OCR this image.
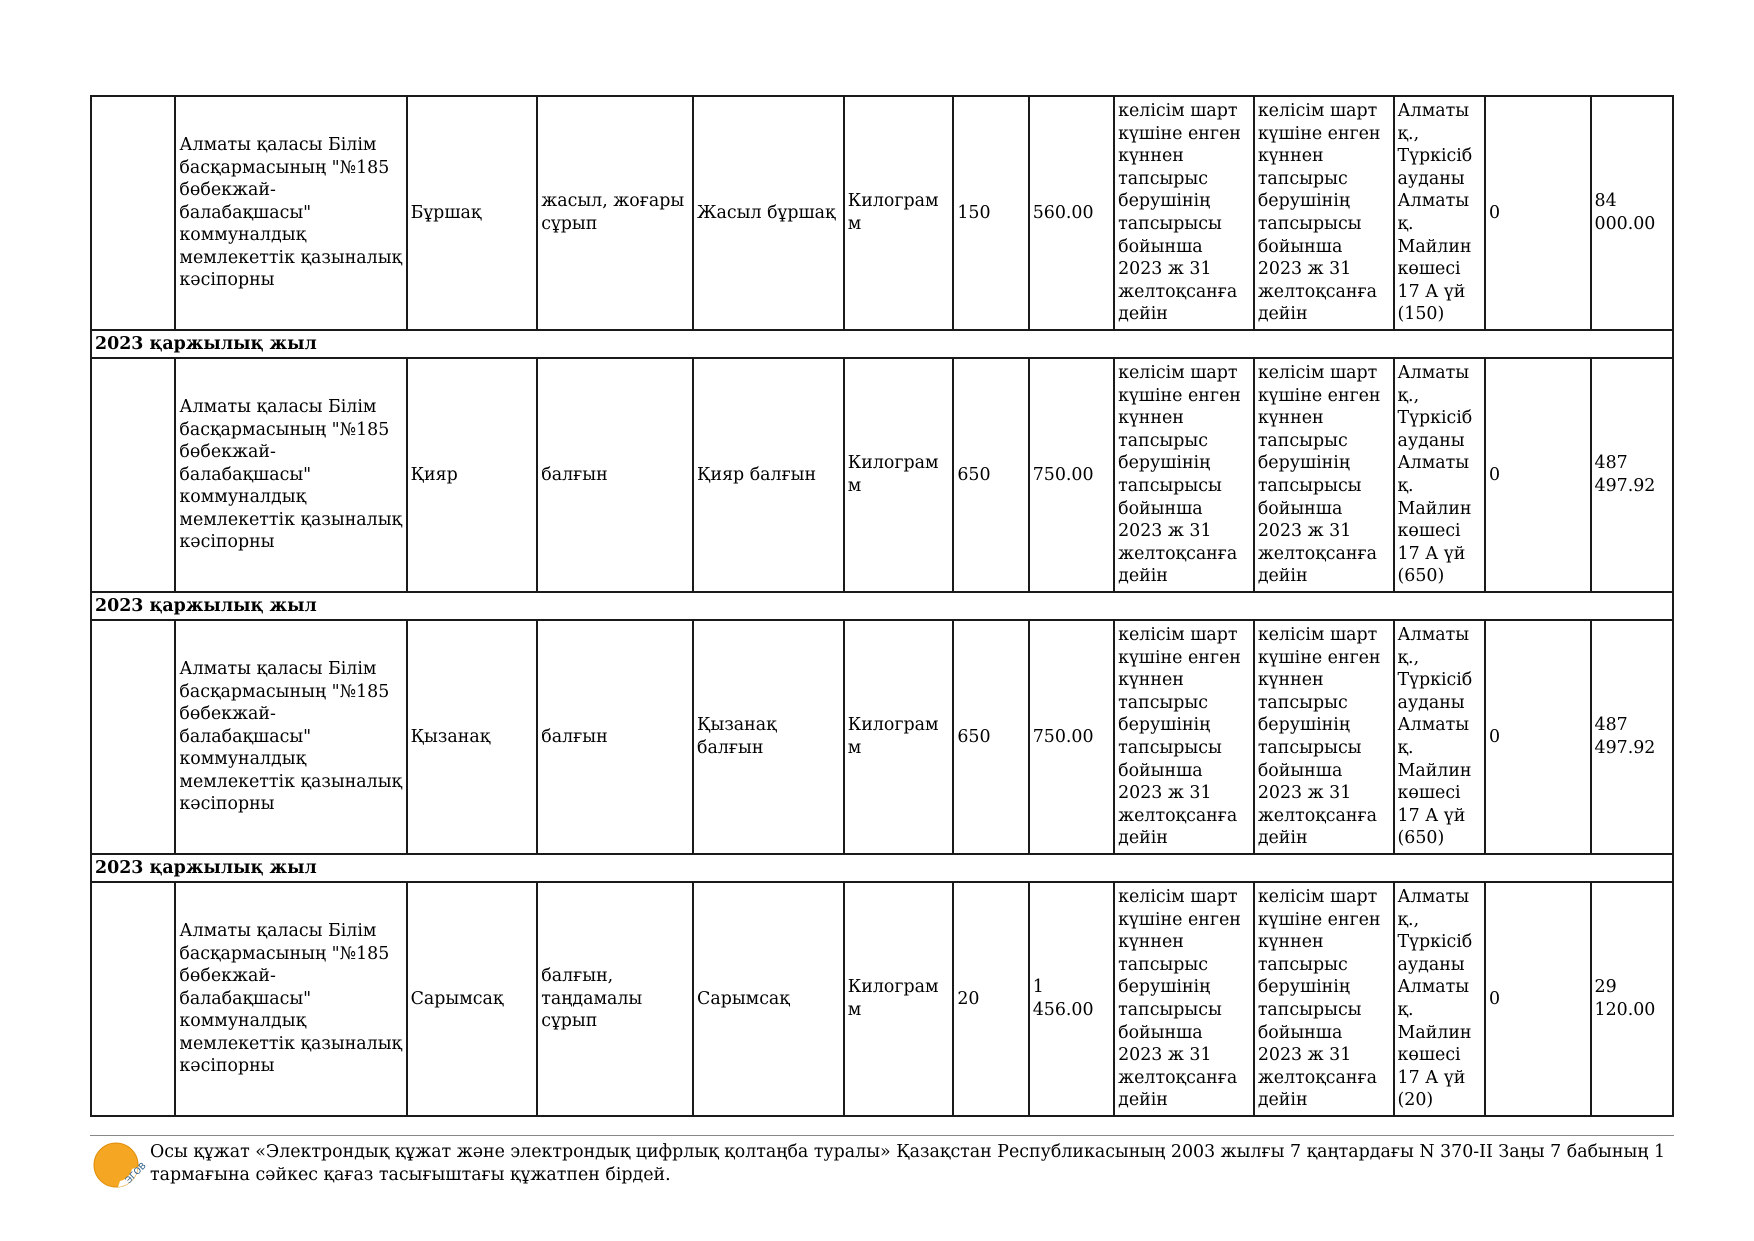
	Алматы қаласы Білім басқармасының "№185 бөбекжай-балабақшасы" коммуналдық мемлекеттік қазыналық кәсіпорны	Бұршақ	жасыл, жоғары сұрып	Жасыл бұршақ	Килограмм	150	560.00	келісім шарт күшіне енген күннен тапсырыс берушінің тапсырысы бойынша 2023 ж 31 желтоқсанға дейін	келісім шарт күшіне енген күннен тапсырыс берушінің тапсырысы бойынша 2023 ж 31 желтоқсанға дейін	Алматы қ., Түркісіб ауданы Алматы қ. Майлин көшесі 17 А үй (150)	0	84 000.00
2023 қаржылық жыл												
	Алматы қаласы Білім басқармасының "№185 бөбекжай-балабақшасы" коммуналдық мемлекеттік қазыналық кәсіпорны	Қияр	балғын	Қияр балғын	Килограмм	650	750.00	келісім шарт күшіне енген күннен тапсырыс берушінің тапсырысы бойынша 2023 ж 31 желтоқсанға дейін	келісім шарт күшіне енген күннен тапсырыс берушінің тапсырысы бойынша 2023 ж 31 желтоқсанға дейін	Алматы қ., Түркісіб ауданы Алматы қ. Майлин көшесі 17 А үй (650)	0	487 497.92
2023 қаржылық жыл												
	Алматы қаласы Білім басқармасының "№185 бөбекжай-балабақшасы" коммуналдық мемлекеттік қазыналық кәсіпорны	Қызанақ	балғын	Қызанақ балғын	Килограмм	650	750.00	келісім шарт күшіне енген күннен тапсырыс берушінің тапсырысы бойынша 2023 ж 31 желтоқсанға дейін	келісім шарт күшіне енген күннен тапсырыс берушінің тапсырысы бойынша 2023 ж 31 желтоқсанға дейін	Алматы қ., Түркісіб ауданы Алматы қ. Майлин көшесі 17 А үй (650)	0	487 497.92
2023 қаржылық жыл												
	Алматы қаласы Білім басқармасының "№185 бөбекжай-балабақшасы" коммуналдық мемлекеттік қазыналық кәсіпорны	Сарымсақ	балғын, таңдамалы сұрып	Сарымсақ	Килограмм	20	1 456.00	келісім шарт күшіне енген күннен тапсырыс берушінің тапсырысы бойынша 2023 ж 31 желтоқсанға дейін	келісім шарт күшіне енген күннен тапсырыс берушінің тапсырысы бойынша 2023 ж 31 желтоқсанға дейін	Алматы қ., Түркісіб ауданы Алматы қ. Майлин көшесі 17 А үй (20)	0	29 120.00
ЭГОВ
Осы құжат «Электрондық құжат және электрондық цифрлық қолтаңба туралы» Қазақстан Республикасының 2003 жылғы 7 қаңтардағы N 370-II Заңы 7 бабының 1 тармағына сәйкес қағаз тасығыштағы құжатпен бірдей.
